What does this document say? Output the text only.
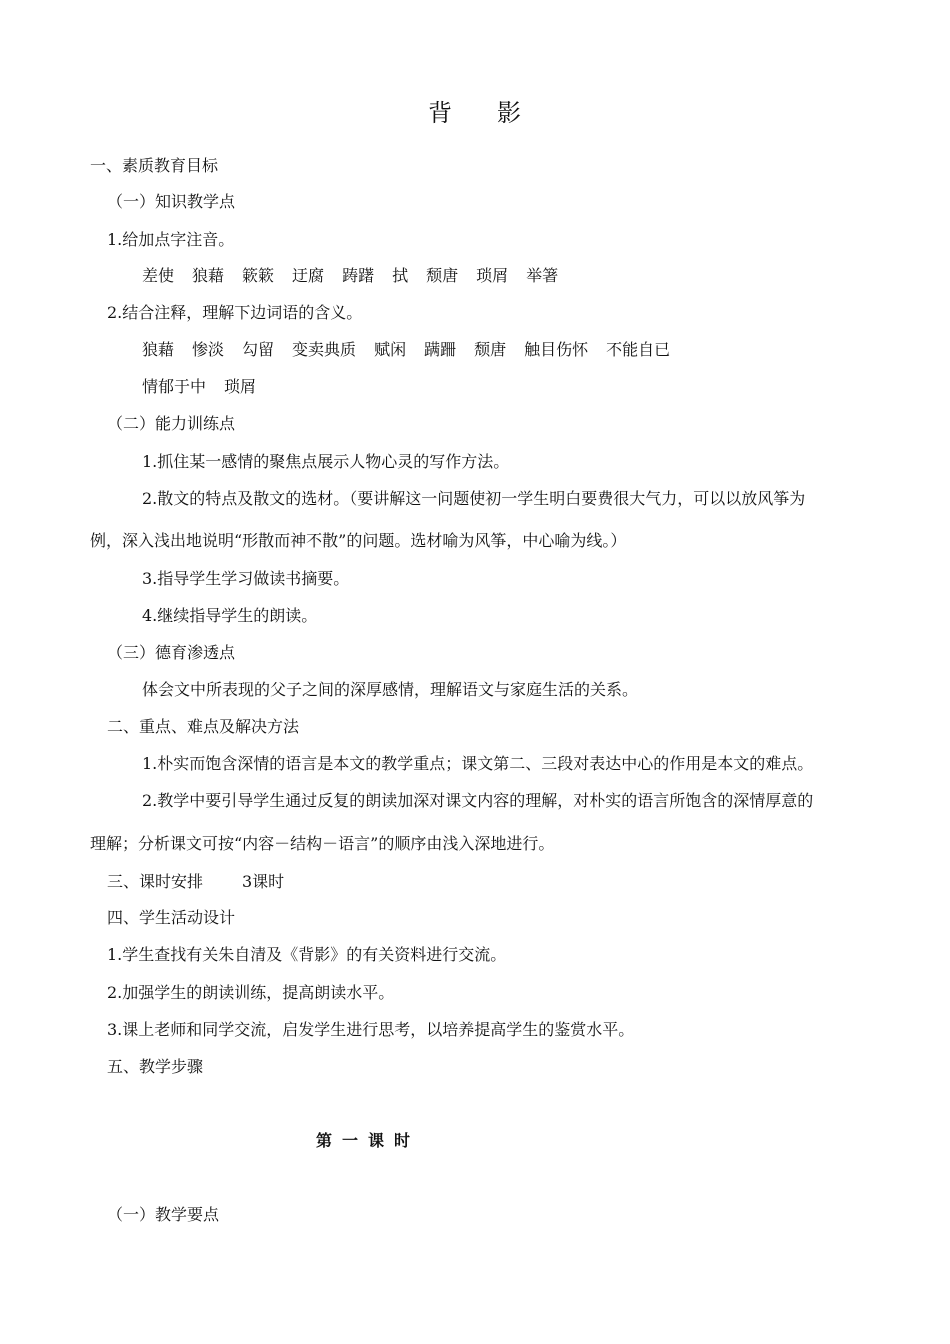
背 影
一、素质教育目标
（一）知识教学点
1.给加点字注音。
差使 狼藉 簌簌 迂腐 踌躇 拭 颓唐 琐屑 举箸
2.结合注释，理解下边词语的含义。
狼藉 惨淡 勾留 变卖典质 赋闲 蹒跚 颓唐 触目伤怀 不能自已
情郁于中 琐屑
（二）能力训练点
1.抓住某一感情的聚焦点展示人物心灵的写作方法。
2.散文的特点及散文的选材。（要讲解这一问题使初一学生明白要费很大气力，可以以放风筝为
例，深入浅出地说明“形散而神不散”的问题。选材喻为风筝，中心喻为线。）
3.指导学生学习做读书摘要。
4.继续指导学生的朗读。
（三）德育渗透点
体会文中所表现的父子之间的深厚感情，理解语文与家庭生活的关系。
二、重点、难点及解决方法
1.朴实而饱含深情的语言是本文的教学重点；课文第二、三段对表达中心的作用是本文的难点。
2.教学中要引导学生通过反复的朗读加深对课文内容的理解，对朴实的语言所饱含的深情厚意的
理解；分析课文可按“内容－结构－语言”的顺序由浅入深地进行。
三、课时安排 3课时
四、学生活动设计
1.学生查找有关朱自清及《背影》的有关资料进行交流。
2.加强学生的朗读训练，提高朗读水平。
3.课上老师和同学交流，启发学生进行思考，以培养提高学生的鉴赏水平。
五、教学步骤
第一课时
（一）教学要点
